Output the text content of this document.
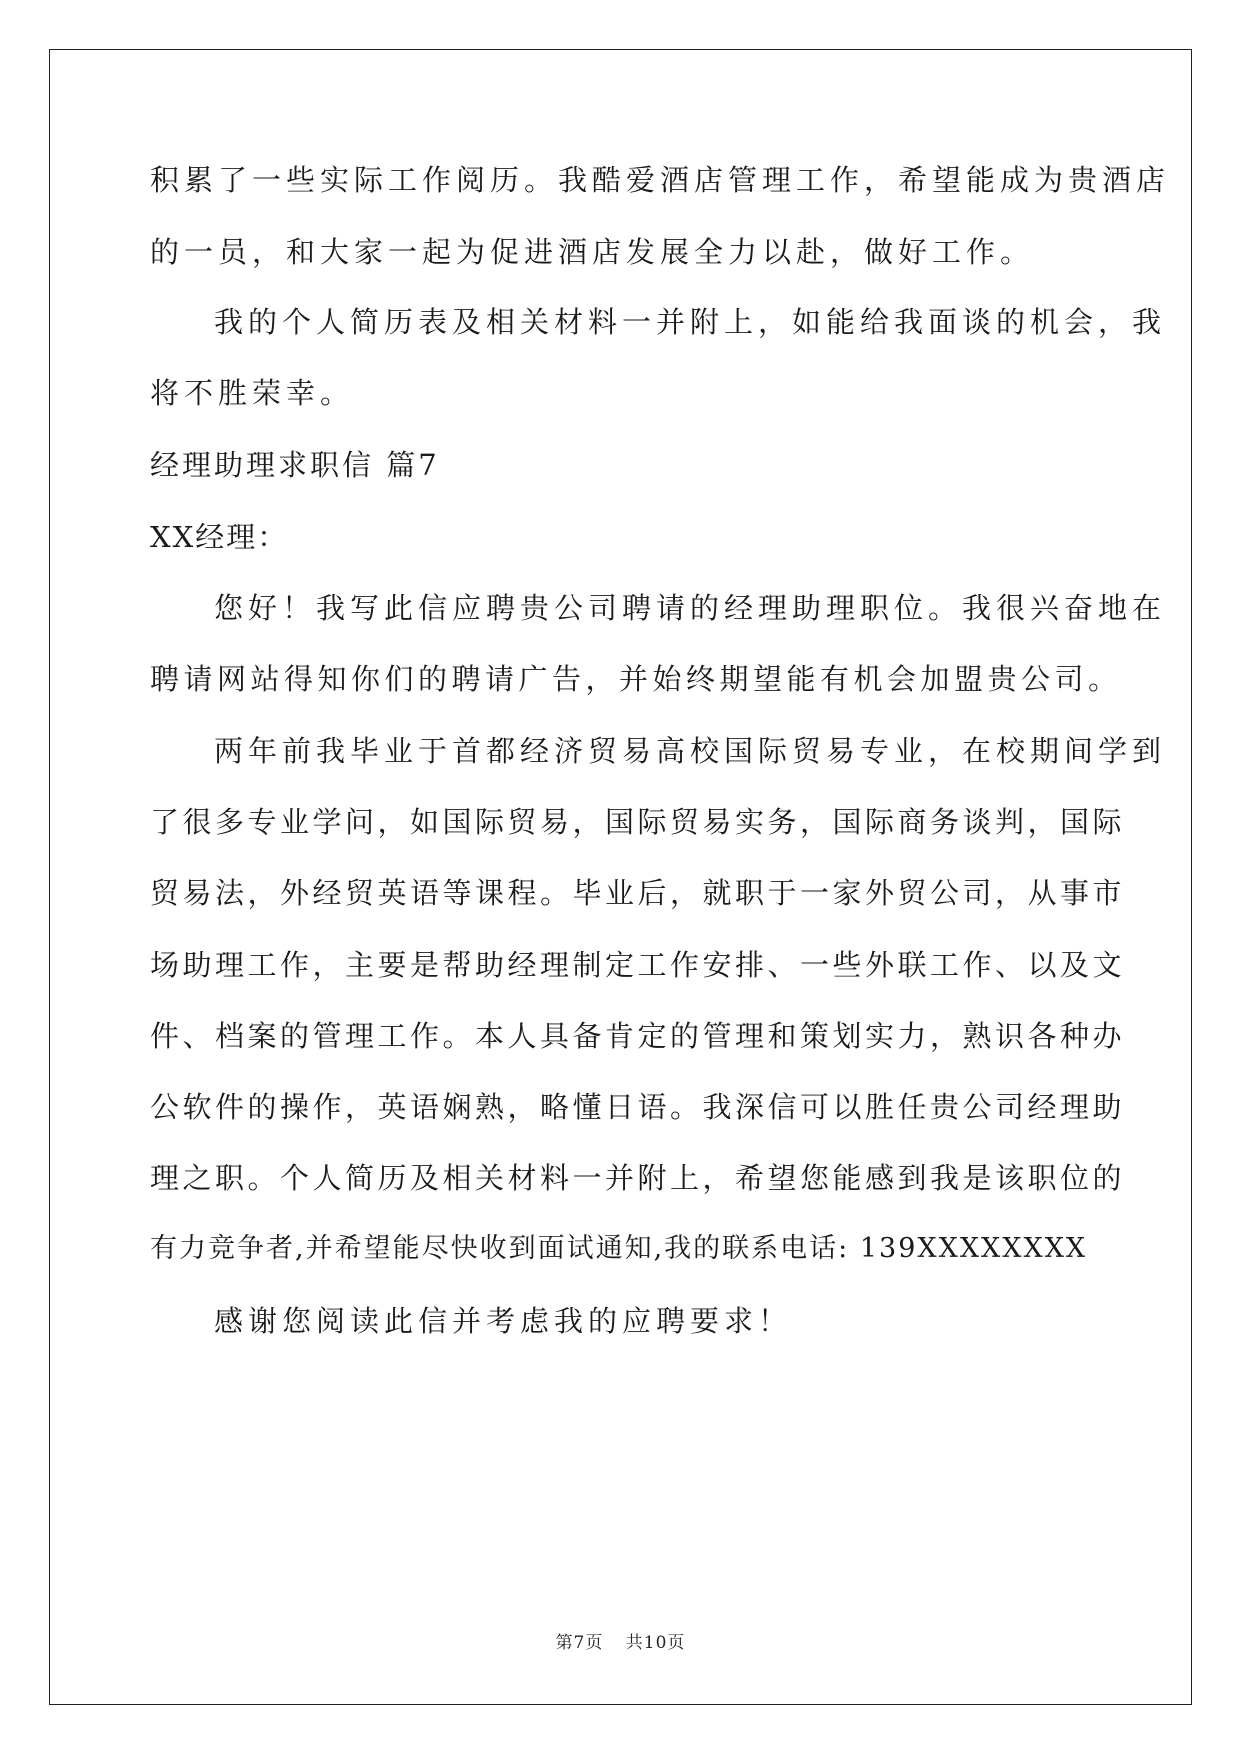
积累了一些实际工作阅历。我酷爱酒店管理工作，希望能成为贵酒店
的一员，和大家一起为促进酒店发展全力以赴，做好工作。
我的个人简历表及相关材料一并附上，如能给我面谈的机会，我
将不胜荣幸。
经理助理求职信 篇7
XX经理：
您好！我写此信应聘贵公司聘请的经理助理职位。我很兴奋地在
聘请网站得知你们的聘请广告，并始终期望能有机会加盟贵公司。
两年前我毕业于首都经济贸易高校国际贸易专业，在校期间学到
了很多专业学问，如国际贸易，国际贸易实务，国际商务谈判，国际
贸易法，外经贸英语等课程。毕业后，就职于一家外贸公司，从事市
场助理工作，主要是帮助经理制定工作安排、一些外联工作、以及文
件、档案的管理工作。本人具备肯定的管理和策划实力，熟识各种办
公软件的操作，英语娴熟，略懂日语。我深信可以胜任贵公司经理助
理之职。个人简历及相关材料一并附上，希望您能感到我是该职位的
有力竞争者,并希望能尽快收到面试通知,我的联系电话: 139XXXXXXXX
感谢您阅读此信并考虑我的应聘要求！
第7页 共10页
